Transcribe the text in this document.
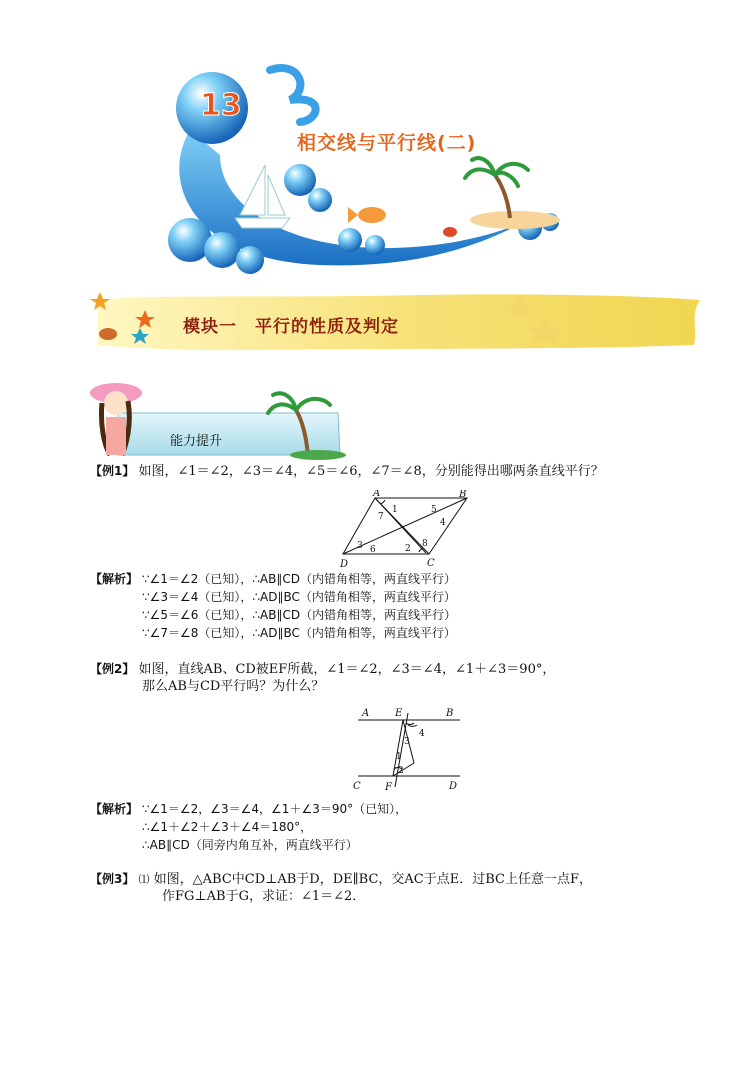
13
相交线与平行线(二)
模块一　平行的性质及判定
能力提升
【例1】 如图，∠1＝∠2，∠3＝∠4，∠5＝∠6，∠7＝∠8，分别能得出哪两条直线平行？
A	B
C
D
1
2
3
4
5
6
7
8
【解析】 ∵∠1＝∠2（已知），∴AB∥CD（内错角相等，两直线平行）
∵∠3＝∠4（已知），∴AD∥BC（内错角相等，两直线平行）
∵∠5＝∠6（已知），∴AB∥CD（内错角相等，两直线平行）
∵∠7＝∠8（已知），∴AD∥BC（内错角相等，两直线平行）
【例2】 如图，直线AB、CD被EF所截，∠1＝∠2，∠3＝∠4，∠1＋∠3＝90°，
那么AB与CD平行吗？为什么？
A	E	B
C F	D
1
2
3
4
【解析】 ∵∠1＝∠2，∠3＝∠4，∠1＋∠3＝90°（已知），
∴∠1＋∠2＋∠3＋∠4＝180°，
∴AB∥CD（同旁内角互补，两直线平行）
【例3】 ⑴ 如图，△ABC中CD⊥AB于D，DE∥BC，交AC于点E．过BC上任意一点F，
作FG⊥AB于G，求证：∠1＝∠2．
